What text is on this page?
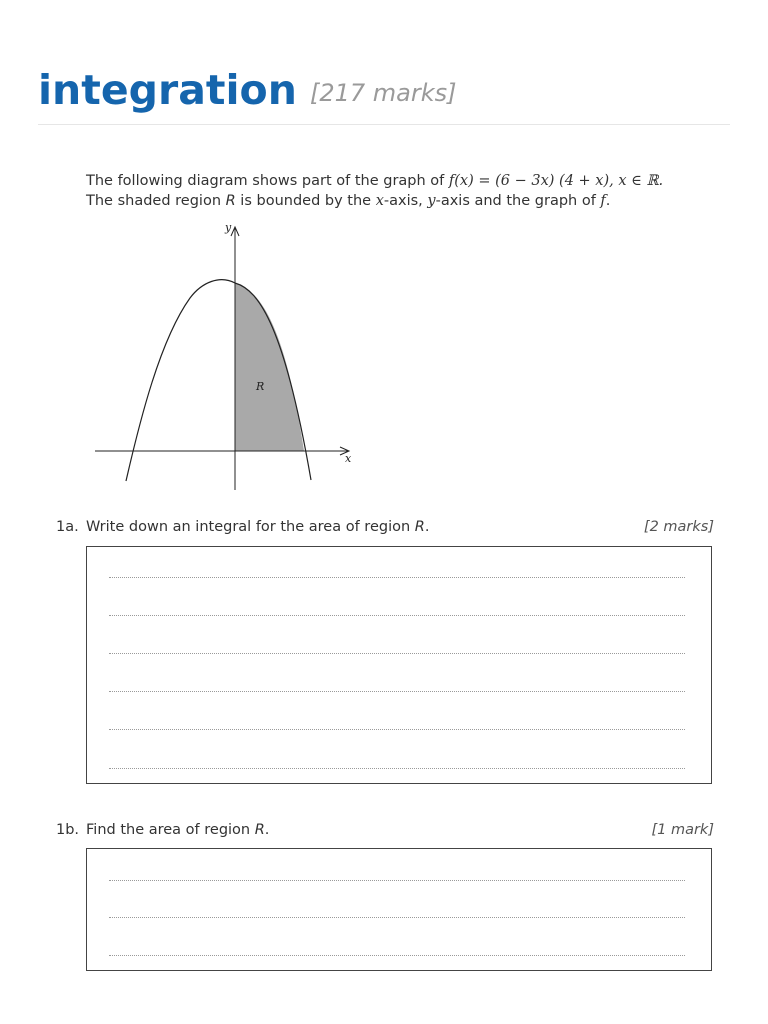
integration [217 marks]
The following diagram shows part of the graph of f(x) = (6 − 3x) (4 + x), x ∈ ℝ.
The shaded region R is bounded by the x-axis, y-axis and the graph of f.
y
x
R
1a. Write down an integral for the area of region R.	[2 marks]
1b. Find the area of region R.	[1 mark]
